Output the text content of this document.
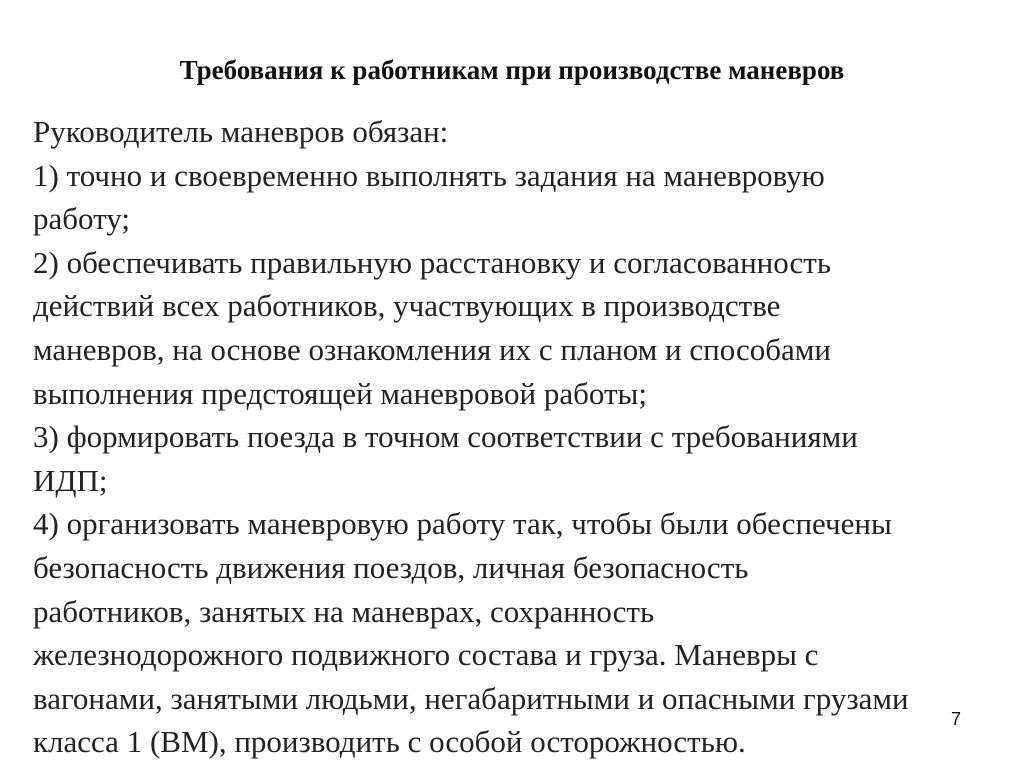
Требования к работникам при производстве маневров
Руководитель маневров обязан:
1) точно и своевременно выполнять задания на маневровую
работу;
2) обеспечивать правильную расстановку и согласованность
действий всех работников, участвующих в производстве
маневров, на основе ознакомления их с планом и способами
выполнения предстоящей маневровой работы;
3) формировать поезда в точном соответствии с требованиями
ИДП;
4) организовать маневровую работу так, чтобы были обеспечены
безопасность движения поездов, личная безопасность
работников, занятых на маневрах, сохранность
железнодорожного подвижного состава и груза. Маневры с
вагонами, занятыми людьми, негабаритными и опасными грузами
класса 1 (ВМ), производить с особой осторожностью.
7
